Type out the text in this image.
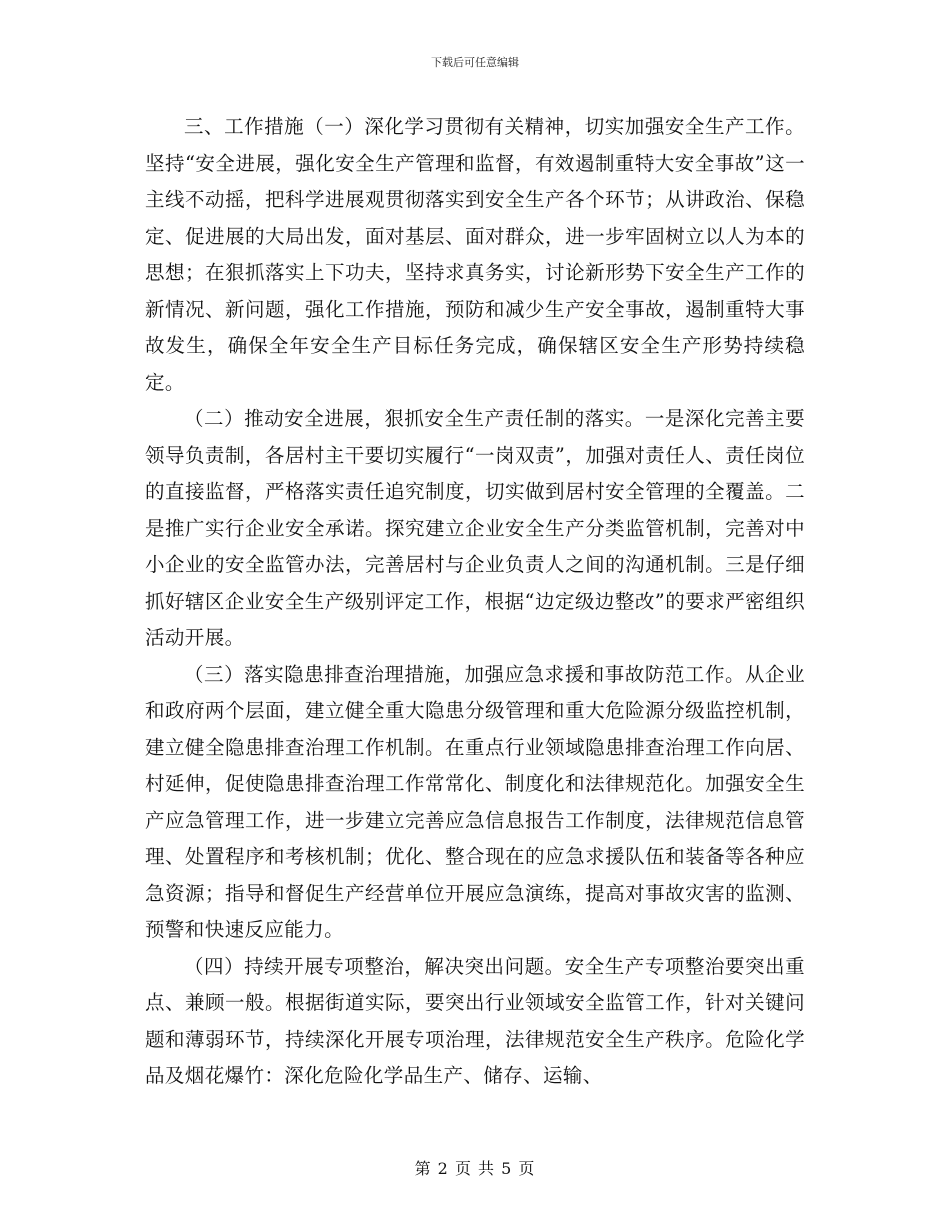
下载后可任意编辑

三、工作措施（一）深化学习贯彻有关精神，切实加强安全生产工作。坚持“安全进展，强化安全生产管理和监督，有效遏制重特大安全事故”这一主线不动摇，把科学进展观贯彻落实到安全生产各个环节；从讲政治、保稳定、促进展的大局出发，面对基层、面对群众，进一步牢固树立以人为本的思想；在狠抓落实上下功夫，坚持求真务实，讨论新形势下安全生产工作的新情况、新问题，强化工作措施，预防和减少生产安全事故，遏制重特大事故发生，确保全年安全生产目标任务完成，确保辖区安全生产形势持续稳定。

（二）推动安全进展，狠抓安全生产责任制的落实。一是深化完善主要领导负责制，各居村主干要切实履行“一岗双责”，加强对责任人、责任岗位的直接监督，严格落实责任追究制度，切实做到居村安全管理的全覆盖。二是推广实行企业安全承诺。探究建立企业安全生产分类监管机制，完善对中小企业的安全监管办法，完善居村与企业负责人之间的沟通机制。三是仔细抓好辖区企业安全生产级别评定工作，根据“边定级边整改”的要求严密组织活动开展。

（三）落实隐患排查治理措施，加强应急求援和事故防范工作。从企业和政府两个层面，建立健全重大隐患分级管理和重大危险源分级监控机制，建立健全隐患排查治理工作机制。在重点行业领域隐患排查治理工作向居、村延伸，促使隐患排查治理工作常常化、制度化和法律规范化。加强安全生产应急管理工作，进一步建立完善应急信息报告工作制度，法律规范信息管理、处置程序和考核机制；优化、整合现在的应急求援队伍和装备等各种应急资源；指导和督促生产经营单位开展应急演练，提高对事故灾害的监测、预警和快速反应能力。

（四）持续开展专项整治，解决突出问题。安全生产专项整治要突出重点、兼顾一般。根据街道实际，要突出行业领域安全监管工作，针对关键问题和薄弱环节，持续深化开展专项治理，法律规范安全生产秩序。危险化学品及烟花爆竹：深化危险化学品生产、储存、运输、

第 2 页 共 5 页
